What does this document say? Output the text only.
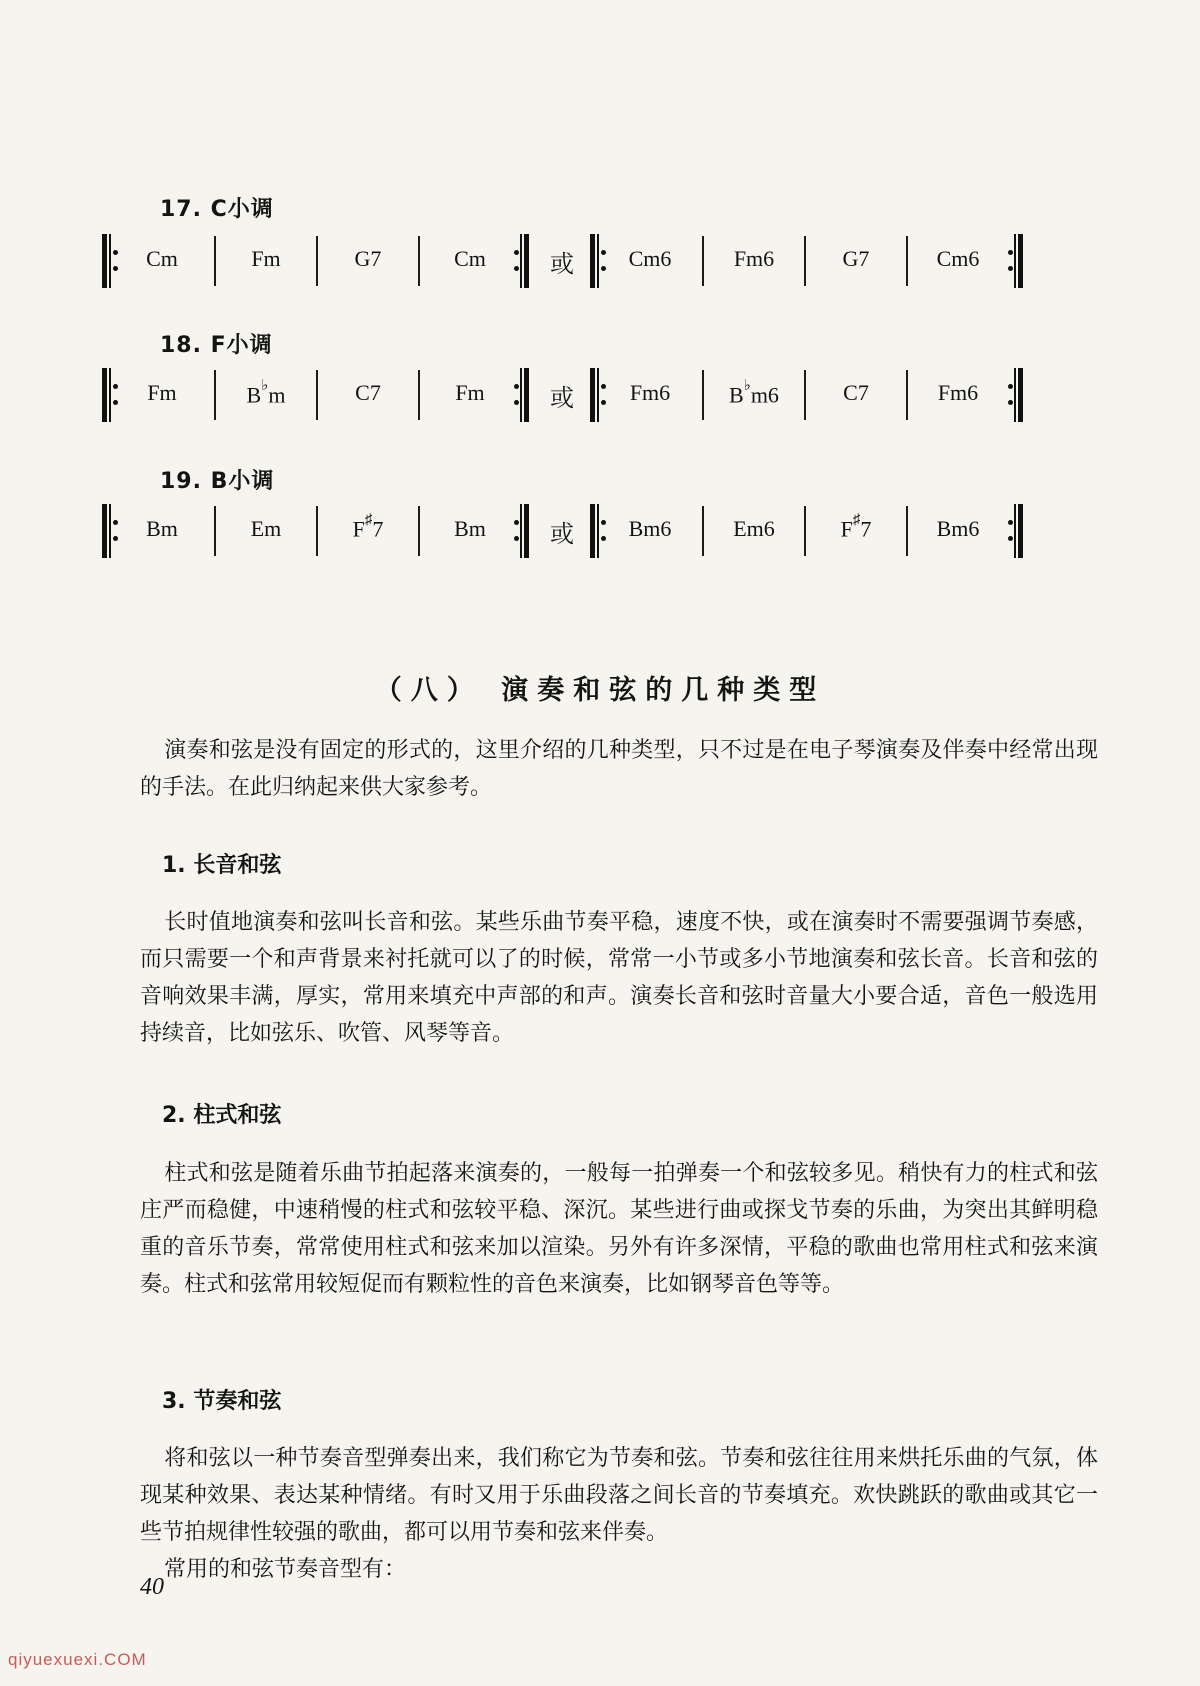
17. C小调
Cm	Fm	G7	Cm	或	Cm6	Fm6	G7	Cm6
18. F小调
Fm	B♭m	C7	Fm	或	Fm6	B♭m6	C7	Fm6
19. B小调
Bm	Em	F♯7	Bm	或	Bm6	Em6	F♯7	Bm6
（八） 演奏和弦的几种类型
演奏和弦是没有固定的形式的，这里介绍的几种类型，只不过是在电子琴演奏及伴奏中经常出现的手法。在此归纳起来供大家参考。
1. 长音和弦
长时值地演奏和弦叫长音和弦。某些乐曲节奏平稳，速度不快，或在演奏时不需要强调节奏感，而只需要一个和声背景来衬托就可以了的时候，常常一小节或多小节地演奏和弦长音。长音和弦的音响效果丰满，厚实，常用来填充中声部的和声。演奏长音和弦时音量大小要合适，音色一般选用持续音，比如弦乐、吹管、风琴等音。
2. 柱式和弦
柱式和弦是随着乐曲节拍起落来演奏的，一般每一拍弹奏一个和弦较多见。稍快有力的柱式和弦庄严而稳健，中速稍慢的柱式和弦较平稳、深沉。某些进行曲或探戈节奏的乐曲，为突出其鲜明稳重的音乐节奏，常常使用柱式和弦来加以渲染。另外有许多深情，平稳的歌曲也常用柱式和弦来演奏。柱式和弦常用较短促而有颗粒性的音色来演奏，比如钢琴音色等等。
3. 节奏和弦
将和弦以一种节奏音型弹奏出来，我们称它为节奏和弦。节奏和弦往往用来烘托乐曲的气氛，体现某种效果、表达某种情绪。有时又用于乐曲段落之间长音的节奏填充。欢快跳跃的歌曲或其它一些节拍规律性较强的歌曲，都可以用节奏和弦来伴奏。
常用的和弦节奏音型有：
40
qiyuexuexi.COM
